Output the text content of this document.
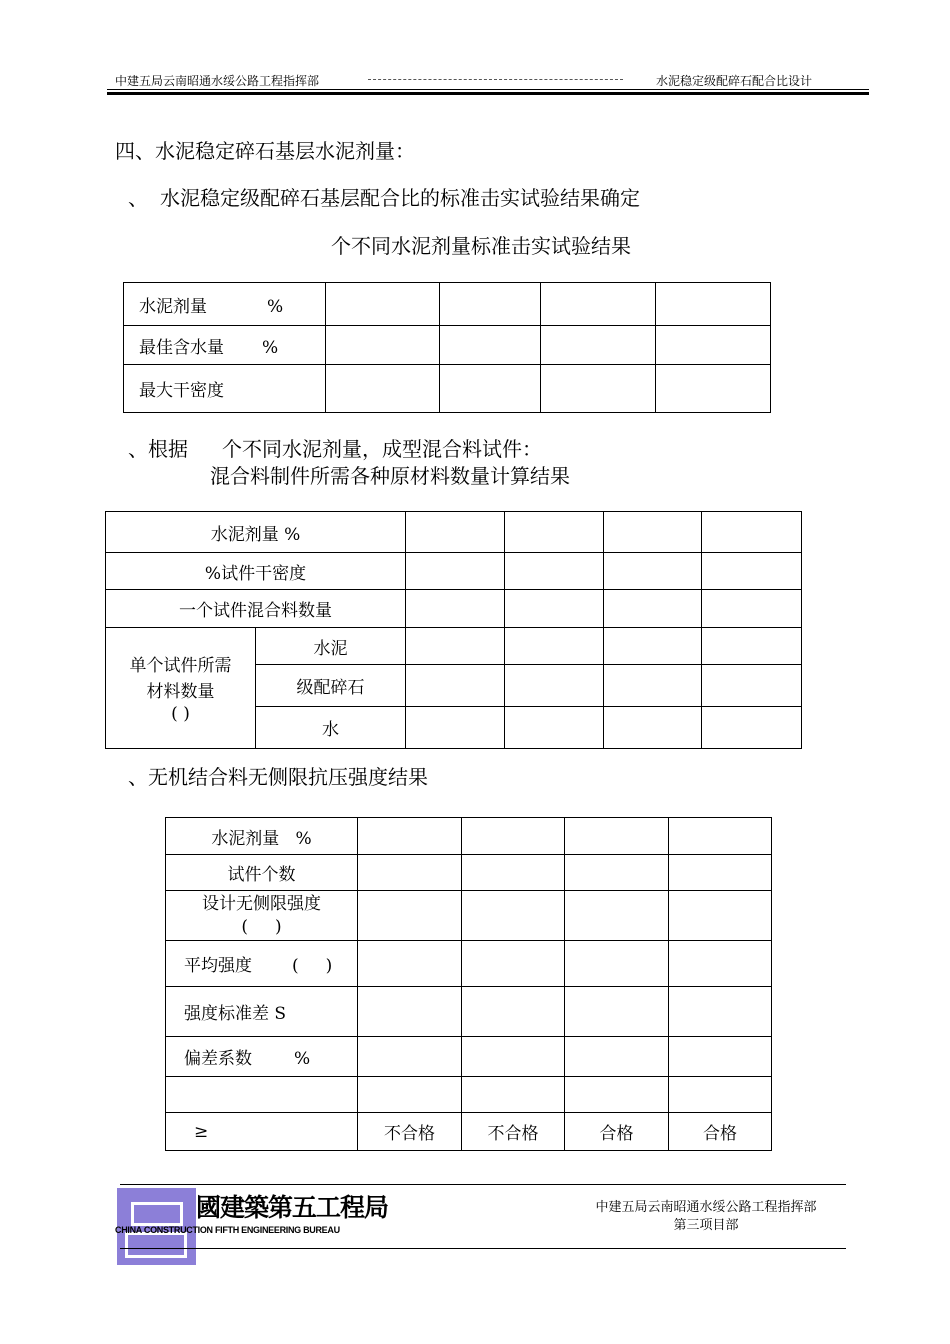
中建五局云南昭通水绥公路工程指挥部	水泥稳定级配碎石配合比设计
四、水泥稳定碎石基层水泥剂量：
、 水泥稳定级配碎石基层配合比的标准击实试验结果确定
个不同水泥剂量标准击实试验结果
水泥剂量 %				
最佳含水量 %				
最大干密度				
、根据 个不同水泥剂量，成型混合料试件：
混合料制件所需各种原材料数量计算结果
水泥剂量 %					
%试件干密度					
一个试件混合料数量					

单个试件所需
材料数量
( )	水泥				
	级配碎石				
	水				
、无机结合料无侧限抗压强度结果
水泥剂量   %				
试件个数				

设计无侧限强度
(     )				

平均强度 (     )				
强度标准差 S				
偏差系数 %				

≥	不合格	不合格	合格	合格
國建築第五工程局
CHINA CONSTRUCTION FIFTH ENGINEERING BUREAU
中建五局云南昭通水绥公路工程指挥部
第三项目部
